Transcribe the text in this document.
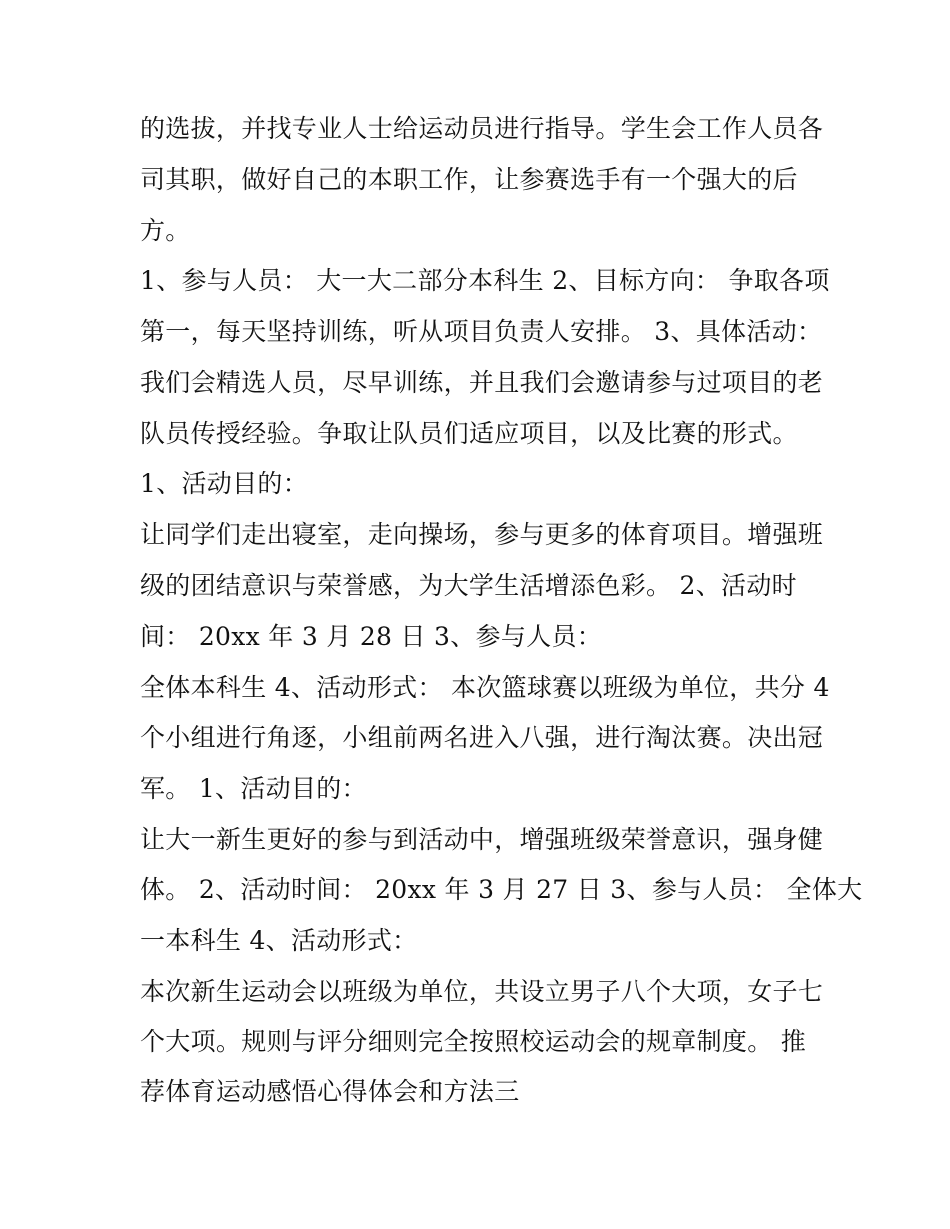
的选拔，并找专业人士给运动员进行指导。学生会工作人员各

司其职，做好自己的本职工作，让参赛选手有一个强大的后

方。

1、参与人员： 大一大二部分本科生 2、目标方向： 争取各项

第一，每天坚持训练，听从项目负责人安排。 3、具体活动：

我们会精选人员，尽早训练，并且我们会邀请参与过项目的老

队员传授经验。争取让队员们适应项目，以及比赛的形式。

1、活动目的：

让同学们走出寝室，走向操场，参与更多的体育项目。增强班

级的团结意识与荣誉感，为大学生活增添色彩。 2、活动时

间： 20xx 年 3 月 28 日 3、参与人员：

全体本科生 4、活动形式： 本次篮球赛以班级为单位，共分 4

个小组进行角逐，小组前两名进入八强，进行淘汰赛。决出冠

军。 1、活动目的：

让大一新生更好的参与到活动中，增强班级荣誉意识，强身健

体。 2、活动时间： 20xx 年 3 月 27 日 3、参与人员： 全体大

一本科生 4、活动形式：

本次新生运动会以班级为单位，共设立男子八个大项，女子七

个大项。规则与评分细则完全按照校运动会的规章制度。 推

荐体育运动感悟心得体会和方法三
